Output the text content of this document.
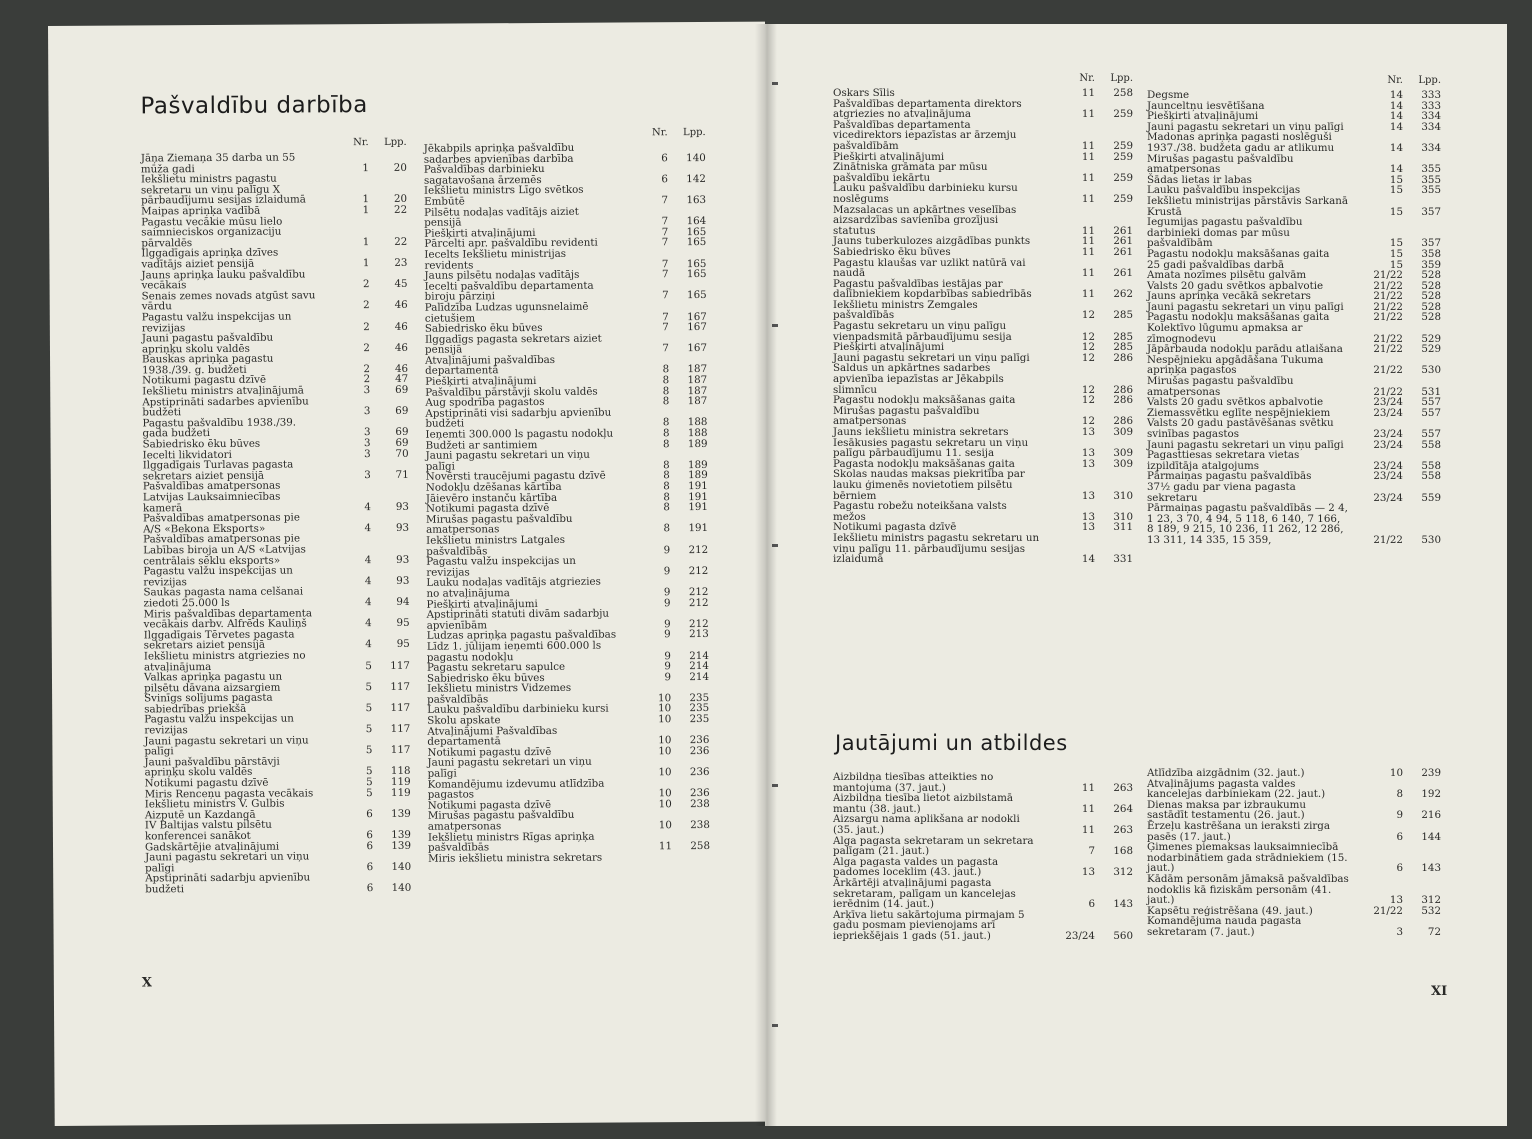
Pašvaldību darbība
Nr. Lpp.
Jāņa Ziemaņa 35 darba un 55 mūža gadi	1	20
Iekšlietu ministrs pagastu sekretaru un viņu palīgu X pārbaudījumu sesijas izlaidumā	1	20
Maipas apriņķa vadībā	1	22
Pagastu vecākie mūsu lielo saimnieciskos organizaciju pārvaldēs	1	22
Ilggadīgais apriņķa dzīves vadītājs aiziet pensijā	1	23
Jauns apriņķa lauku pašvaldību vecākais	2	45
Senais zemes novads atgūst savu vārdu	2	46
Pagastu valžu inspekcijas un revizijas	2	46
Jauni pagastu pašvaldību apriņķu skolu valdēs	2	46
Bauskas apriņķa pagastu 1938./39. g. budžeti	2	46
Notikumi pagastu dzīvē	2	47
Iekšlietu ministrs atvaļinājumā	3	69
Apstiprināti sadarbes apvienību budžeti	3	69
Pagastu pašvaldību 1938./39. gada budžeti	3	69
Sabiedrisko ēku būves	3	69
Iecelti likvidatori	3	70
Ilggadīgais Turlavas pagasta sekretars aiziet pensijā	3	71
Pašvaldības amatpersonas Latvijas Lauksaimniecības kamerā	4	93
Pašvaldības amatpersonas pie A/S «Bekona Eksports»	4	93
Pašvaldības amatpersonas pie Labības biroja un A/S «Latvijas centrālais sēklu eksports»	4	93
Pagastu valžu inspekcijas un revizijas	4	93
Saukas pagasta nama celšanai ziedoti 25.000 ls	4	94
Miris pašvaldības departamenta vecākais darbv. Alfrēds Kauliņš	4	95
Ilggadīgais Tērvetes pagasta sekretars aiziet pensijā	4	95
Iekšlietu ministrs atgriezies no atvaļinājuma	5	117
Valkas apriņķa pagastu un pilsētu dāvana aizsargiem	5	117
Svinīgs solījums pagasta sabiedrības priekšā	5	117
Pagastu valžu inspekcijas un revizijas	5	117
Jauni pagastu sekretari un viņu palīgi	5	117
Jauni pašvaldību pārstāvji apriņķu skolu valdēs	5	118
Notikumi pagastu dzīvē	5	119
Miris Renceņu pagasta vecākais	5	119
Iekšlietu ministrs V. Gulbis Aizputē un Kazdangā	6	139
IV Baltijas valstu pilsētu konferencei sanākot	6	139
Gadskārtējie atvaļinājumi	6	139
Jauni pagastu sekretari un viņu palīgi	6	140
Apstiprināti sadarbju apvienību budžeti	6	140
Nr. Lpp.
Jēkabpils apriņķa pašvaldību sadarbes apvienības darbība	6	140
Pašvaldības darbinieku sagatavošana ārzemēs	6	142
Iekšlietu ministrs Līgo svētkos Embūtē	7	163
Pilsētu nodaļas vadītājs aiziet pensijā	7	164
Piešķirti atvaļinājumi	7	165
Pārcelti apr. pašvaldību revidenti	7	165
Iecelts Iekšlietu ministrijas revidents	7	165
Jauns pilsētu nodaļas vadītājs	7	165
Iecelti pašvaldību departamenta biroju pārziņi	7	165
Palīdzība Ludzas ugunsnelaimē cietušiem	7	167
Sabiedrisko ēku būves	7	167
Ilggadīgs pagasta sekretars aiziet pensijā	7	167
Atvaļinājumi pašvaldības departamentā	8	187
Piešķirti atvaļinājumi	8	187
Pašvaldību pārstāvji skolu valdēs	8	187
Aug spodrība pagastos	8	187
Apstiprināti visi sadarbju apvienību budžeti	8	188
Ieņemti 300.000 ls pagastu nodokļu	8	188
Budžeti ar santimiem	8	189
Jauni pagastu sekretari un viņu palīgi	8	189
Novērsti traucējumi pagastu dzīvē	8	189
Nodokļu dzēšanas kārtība	8	191
Jāievēro instanču kārtība	8	191
Notikumi pagasta dzīvē	8	191
Mirušas pagastu pašvaldību amatpersonas	8	191
Iekšlietu ministrs Latgales pašvaldībās	9	212
Pagastu valžu inspekcijas un revizijas	9	212
Lauku nodaļas vadītājs atgriezies no atvaļinājuma	9	212
Piešķirti atvaļinājumi	9	212
Apstiprināti statuti divām sadarbju apvienībām	9	212
Ludzas apriņķa pagastu pašvaldības	9	213
Līdz 1. jūlijam ieņemti 600.000 ls pagastu nodokļu	9	214
Pagastu sekretaru sapulce	9	214
Sabiedrisko ēku būves	9	214
Iekšlietu ministrs Vidzemes pašvaldībās	10	235
Lauku pašvaldību darbinieku kursi	10	235
Skolu apskate	10	235
Atvaļinājumi Pašvaldības departamentā	10	236
Notikumi pagastu dzīvē	10	236
Jauni pagastu sekretari un viņu palīgi	10	236
Komandējumu izdevumu atlīdzība pagastos	10	236
Notikumi pagasta dzīvē	10	238
Mirušas pagastu pašvaldību amatpersonas	10	238
Iekšlietu ministrs Rīgas apriņķa pašvaldībās	11	258
Miris iekšlietu ministra sekretars
X
Nr. Lpp.
Oskars Sīlis	11	258
Pašvaldības departamenta direktors atgriezies no atvaļinājuma	11	259
Pašvaldības departamenta vicedirektors iepazīstas ar ārzemju pašvaldībām	11	259
Piešķirti atvaļinājumi	11	259
Zinātniska grāmata par mūsu pašvaldību iekārtu	11	259
Lauku pašvaldību darbinieku kursu noslēgums	11	259
Mazsalacas un apkārtnes veselības aizsardzības savienība grozījusi statutus	11	261
Jauns tuberkulozes aizgādības punkts	11	261
Sabiedrisko ēku būves	11	261
Pagastu klaušas var uzlikt natūrā vai naudā	11	261
Pagastu pašvaldības iestājas par dalībniekiem kopdarbības sabiedrībās	11	262
Iekšlietu ministrs Zemgales pašvaldībās	12	285
Pagastu sekretaru un viņu palīgu vienpadsmitā pārbaudījumu sesija	12	285
Piešķirti atvaļinājumi	12	285
Jauni pagastu sekretari un viņu palīgi	12	286
Saldus un apkārtnes sadarbes apvienība iepazīstas ar Jēkabpils slimnīcu	12	286
Pagastu nodokļu maksāšanas gaita	12	286
Mirušas pagastu pašvaldību amatpersonas	12	286
Jauns iekšlietu ministra sekretars	13	309
Iesākusies pagastu sekretaru un viņu palīgu pārbaudījumu 11. sesija	13	309
Pagasta nodokļu maksāšanas gaita	13	309
Skolas naudas maksas piekritība par lauku ģimenēs novietotiem pilsētu bērniem	13	310
Pagastu robežu noteikšana valsts mežos	13	310
Notikumi pagasta dzīvē	13	311
Iekšlietu ministrs pagastu sekretaru un viņu palīgu 11. pārbaudījumu sesijas izlaidumā	14	331
Nr. Lpp.
Degsme	14	333
Jaunceltņu iesvētīšana	14	333
Piešķirti atvaļinājumi	14	334
Jauni pagastu sekretari un viņu palīgi	14	334
Madonas apriņķa pagasti noslēguši 1937./38. budžeta gadu ar atlikumu	14	334
Mirušas pagastu pašvaldību amatpersonas	14	355
Šādas lietas ir labas	15	355
Lauku pašvaldību inspekcijas	15	355
Iekšlietu ministrijas pārstāvis Sarkanā Krustā	15	357
Iegumijas pagastu pašvaldību darbinieki domas par mūsu pašvaldībām	15	357
Pagastu nodokļu maksāšanas gaita	15	358
25 gadi pašvaldības darbā	15	359
Amata nozīmes pilsētu galvām	21/22	528
Valsts 20 gadu svētkos apbalvotie	21/22	528
Jauns apriņķa vecākā sekretars	21/22	528
Jauni pagastu sekretari un viņu palīgi	21/22	528
Pagastu nodokļu maksāšanas gaita	21/22	528
Kolektīvo lūgumu apmaksa ar zīmognodevu	21/22	529
Jāpārbauda nodokļu parādu atlaišana	21/22	529
Nespējnieku apgādāšana Tukuma apriņķa pagastos	21/22	530
Mirušas pagastu pašvaldību amatpersonas	21/22	531
Valsts 20 gadu svētkos apbalvotie	23/24	557
Ziemassvētku eglīte nespējniekiem	23/24	557
Valsts 20 gadu pastāvēšanas svētku svinības pagastos	23/24	557
Jauni pagastu sekretari un viņu palīgi	23/24	558
Pagasttiesas sekretara vietas izpildītāja atalgojums	23/24	558
Pārmaiņas pagastu pašvaldībās	23/24	558
37½ gadu par viena pagasta sekretaru	23/24	559
Pārmaiņas pagastu pašvaldībās — 2 4, 1 23, 3 70, 4 94, 5 118, 6 140, 7 166, 8 189, 9 215, 10 236, 11 262, 12 286, 13 311, 14 335, 15 359,	21/22	530
Jautājumi un atbildes
Aizbildņa tiesības atteikties no mantojuma (37. jaut.)	11	263
Aizbildņa tiesība lietot aizbilstamā mantu (38. jaut.)	11	264
Aizsargu nama aplikšana ar nodokli (35. jaut.)	11	263
Alga pagasta sekretaram un sekretara palīgam (21. jaut.)	7	168
Alga pagasta valdes un pagasta padomes loceklim (43. jaut.)	13	312
Ārkārtēji atvaļinājumi pagasta sekretaram, palīgam un kancelejas ierēdnim (14. jaut.)	6	143
Arķīva lietu sakārtojuma pirmajam 5 gadu posmam pievienojams arī iepriekšējais 1 gads (51. jaut.)	23/24	560
Atlīdzība aizgādnim (32. jaut.)	10	239
Atvaļinājums pagasta valdes kancelejas darbiniekam (22. jaut.)	8	192
Dienas maksa par izbraukumu sastādīt testamentu (26. jaut.)	9	216
Ērzeļu kastrēšana un ieraksti zirga pasēs (17. jaut.)	6	144
Ģimenes piemaksas lauksaimniecībā nodarbinātiem gada strādniekiem (15. jaut.)	6	143
Kādām personām jāmaksā pašvaldības nodoklis kā fiziskām personām (41. jaut.)	13	312
Kapsētu reģistrēšana (49. jaut.)	21/22	532
Komandējuma nauda pagasta sekretaram (7. jaut.)	3	72
XI
